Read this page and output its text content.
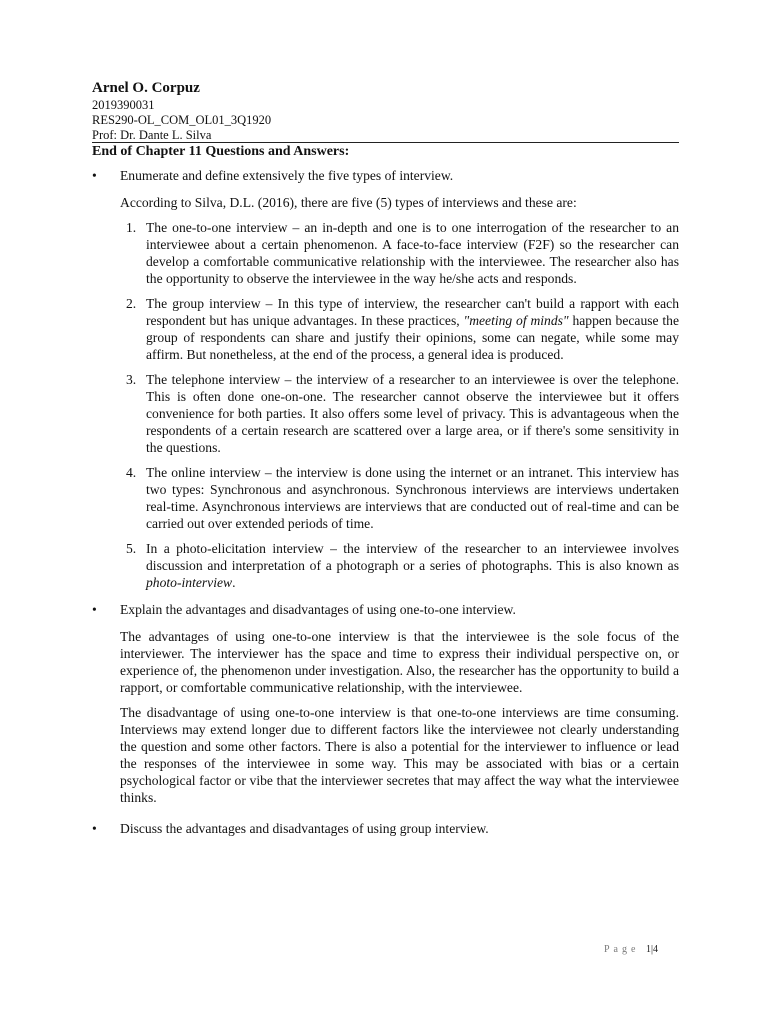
Arnel O. Corpuz

2019390031

RES290-OL_COM_OL01_3Q1920

Prof: Dr. Dante L. Silva

End of Chapter 11 Questions and Answers:

• Enumerate and define extensively the five types of interview.

According to Silva, D.L. (2016), there are five (5) types of interviews and these are:

1. The one-to-one interview – an in-depth and one is to one interrogation of the researcher to an interviewee about a certain phenomenon. A face-to-face interview (F2F) so the researcher can develop a comfortable communicative relationship with the interviewee. The researcher also has the opportunity to observe the interviewee in the way he/she acts and responds.

2. The group interview – In this type of interview, the researcher can't build a rapport with each respondent but has unique advantages. In these practices, "meeting of minds" happen because the group of respondents can share and justify their opinions, some can negate, while some may affirm. But nonetheless, at the end of the process, a general idea is produced.

3. The telephone interview – the interview of a researcher to an interviewee is over the telephone. This is often done one-on-one. The researcher cannot observe the interviewee but it offers convenience for both parties. It also offers some level of privacy. This is advantageous when the respondents of a certain research are scattered over a large area, or if there's some sensitivity in the questions.

4. The online interview – the interview is done using the internet or an intranet. This interview has two types: Synchronous and asynchronous. Synchronous interviews are interviews undertaken real-time. Asynchronous interviews are interviews that are conducted out of real-time and can be carried out over extended periods of time.

5. In a photo-elicitation interview – the interview of the researcher to an interviewee involves discussion and interpretation of a photograph or a series of photographs. This is also known as photo-interview.

• Explain the advantages and disadvantages of using one-to-one interview.

The advantages of using one-to-one interview is that the interviewee is the sole focus of the interviewer. The interviewer has the space and time to express their individual perspective on, or experience of, the phenomenon under investigation. Also, the researcher has the opportunity to build a rapport, or comfortable communicative relationship, with the interviewee.

The disadvantage of using one-to-one interview is that one-to-one interviews are time consuming. Interviews may extend longer due to different factors like the interviewee not clearly understanding the question and some other factors. There is also a potential for the interviewer to influence or lead the responses of the interviewee in some way. This may be associated with bias or a certain psychological factor or vibe that the interviewer secretes that may affect the way what the interviewee thinks.

• Discuss the advantages and disadvantages of using group interview.

Page 1|4
